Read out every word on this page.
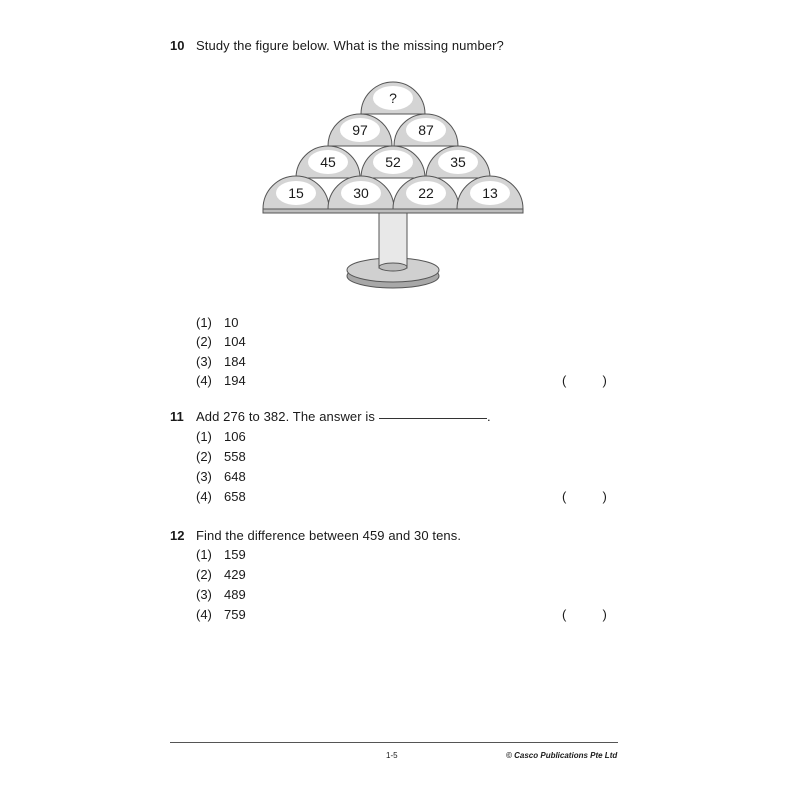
10 Study the figure below. What is the missing number?
?
97	87
45	52	35
15	30	22	13
(1) 10
(2) 104
(3) 184
(4) 194	(          )
11 Add 276 to 382. The answer is	.
(1) 106
(2) 558
(3) 648
(4) 658	(          )
12 Find the difference between 459 and 30 tens.
(1) 159
(2) 429
(3) 489
(4) 759	(          )
1-5	© Casco Publications Pte Ltd
